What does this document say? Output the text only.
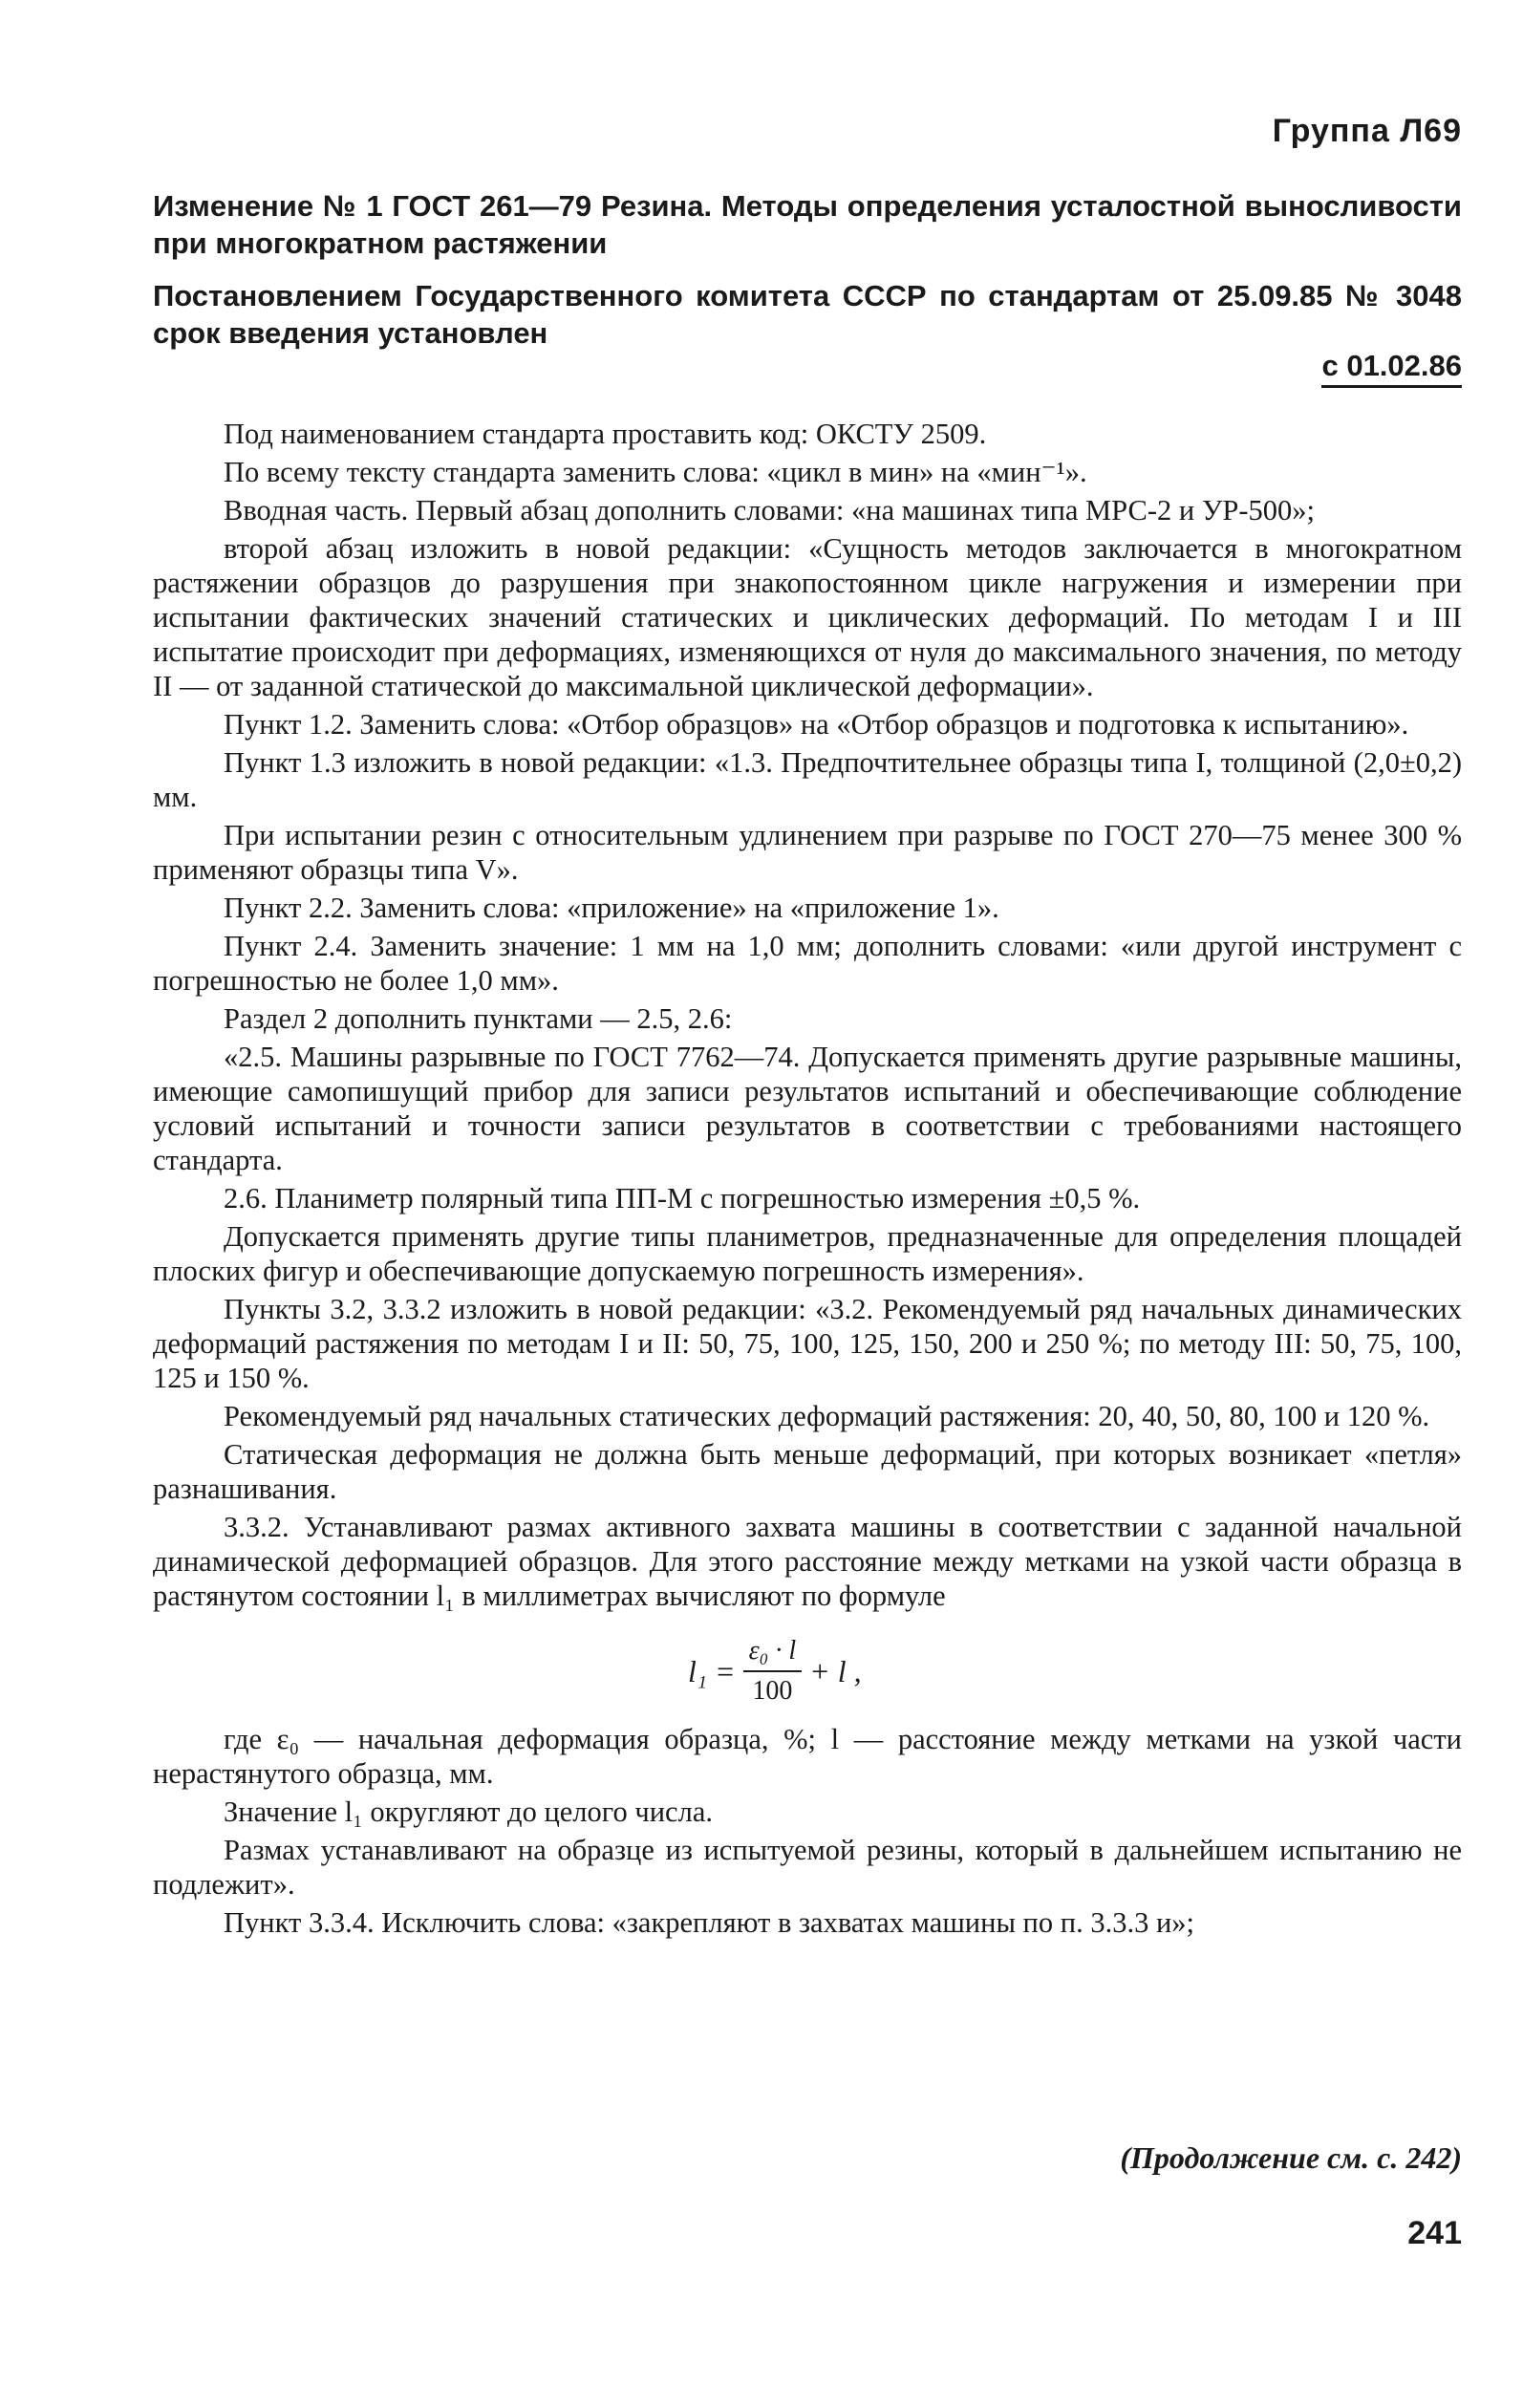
Группа Л69
Изменение № 1 ГОСТ 261—79 Резина. Методы определения усталостной выносливости при многократном растяжении
Постановлением Государственного комитета СССР по стандартам от 25.09.85 № 3048 срок введения установлен
с 01.02.86

Под наименованием стандарта проставить код: ОКСТУ 2509.

По всему тексту стандарта заменить слова: «цикл в мин» на «мин⁻¹».

Вводная часть. Первый абзац дополнить словами: «на машинах типа МРС-2 и УР-500»;

второй абзац изложить в новой редакции: «Сущность методов заключается в многократном растяжении образцов до разрушения при знакопостоянном цикле нагружения и измерении при испытании фактических значений статических и циклических деформаций. По методам I и III испытатие происходит при деформациях, изменяющихся от нуля до максимального значения, по методу II — от заданной статической до максимальной циклической деформации».

Пункт 1.2. Заменить слова: «Отбор образцов» на «Отбор образцов и подготовка к испытанию».

Пункт 1.3 изложить в новой редакции: «1.3. Предпочтительнее образцы типа I, толщиной (2,0±0,2) мм.

При испытании резин с относительным удлинением при разрыве по ГОСТ 270—75 менее 300 % применяют образцы типа V».

Пункт 2.2. Заменить слова: «приложение» на «приложение 1».

Пункт 2.4. Заменить значение: 1 мм на 1,0 мм; дополнить словами: «или другой инструмент с погрешностью не более 1,0 мм».

Раздел 2 дополнить пунктами — 2.5, 2.6:

«2.5. Машины разрывные по ГОСТ 7762—74. Допускается применять другие разрывные машины, имеющие самопишущий прибор для записи результатов испытаний и обеспечивающие соблюдение условий испытаний и точности записи результатов в соответствии с требованиями настоящего стандарта.

2.6. Планиметр полярный типа ПП-М с погрешностью измерения ±0,5 %.

Допускается применять другие типы планиметров, предназначенные для определения площадей плоских фигур и обеспечивающие допускаемую погрешность измерения».

Пункты 3.2, 3.3.2 изложить в новой редакции: «3.2. Рекомендуемый ряд начальных динамических деформаций растяжения по методам I и II: 50, 75, 100, 125, 150, 200 и 250 %; по методу III: 50, 75, 100, 125 и 150 %.

Рекомендуемый ряд начальных статических деформаций растяжения: 20, 40, 50, 80, 100 и 120 %.

Статическая деформация не должна быть меньше деформаций, при которых возникает «петля» разнашивания.

3.3.2. Устанавливают размах активного захвата машины в соответствии с заданной начальной динамической деформацией образцов. Для этого расстояние между метками на узкой части образца в растянутом состоянии l₁ в миллиметрах вычисляют по формуле

$l_1 = \frac{\text{ε₀ · l}}{100} + l$ ,

где ε₀ — начальная деформация образца, %; l — расстояние между метками на узкой части нерастянутого образца, мм.

Значение l₁ округляют до целого числа.

Размах устанавливают на образце из испытуемой резины, который в дальнейшем испытанию не подлежит».

Пункт 3.3.4. Исключить слова: «закрепляют в захватах машины по п. 3.3.3 и»;

(Продолжение см. с. 242)
241
